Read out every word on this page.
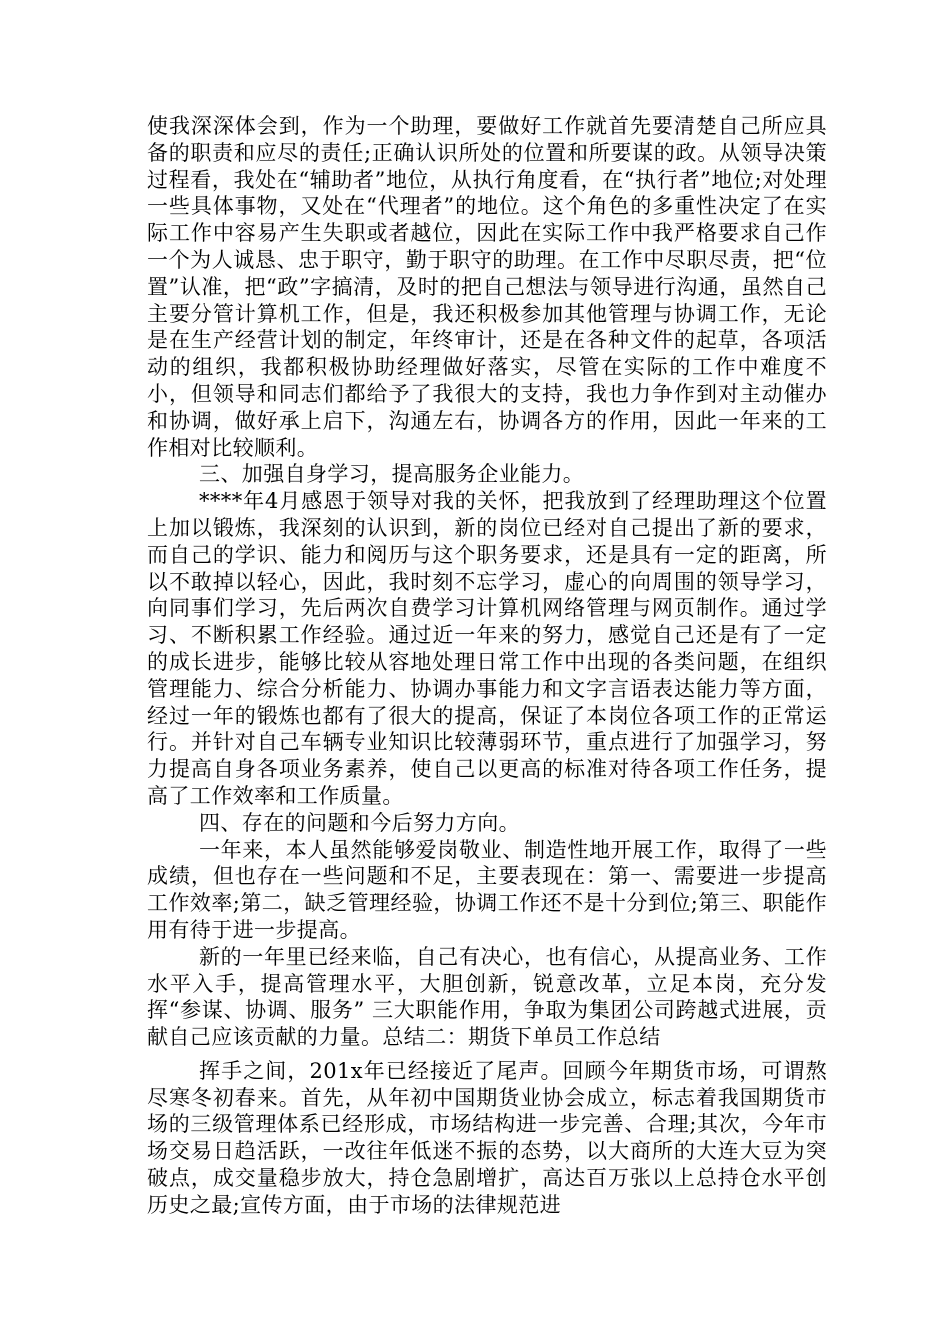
使我深深体会到，作为一个助理，要做好工作就首先要清楚自己所应具备的职责和应尽的责任;正确认识所处的位置和所要谋的政。从领导决策过程看，我处在“辅助者”地位，从执行角度看，在“执行者”地位;对处理一些具体事物，又处在“代理者”的地位。这个角色的多重性决定了在实际工作中容易产生失职或者越位，因此在实际工作中我严格要求自己作一个为人诚恳、忠于职守，勤于职守的助理。在工作中尽职尽责，把“位置”认准，把“政”字搞清，及时的把自己想法与领导进行沟通，虽然自己主要分管计算机工作，但是，我还积极参加其他管理与协调工作，无论是在生产经营计划的制定，年终审计，还是在各种文件的起草，各项活动的组织，我都积极协助经理做好落实，尽管在实际的工作中难度不小，但领导和同志们都给予了我很大的支持，我也力争作到对主动催办和协调，做好承上启下，沟通左右，协调各方的作用，因此一年来的工作相对比较顺利。

三、加强自身学习，提高服务企业能力。

****年4月感恩于领导对我的关怀，把我放到了经理助理这个位置上加以锻炼，我深刻的认识到，新的岗位已经对自己提出了新的要求，而自己的学识、能力和阅历与这个职务要求，还是具有一定的距离，所以不敢掉以轻心，因此，我时刻不忘学习，虚心的向周围的领导学习，向同事们学习，先后两次自费学习计算机网络管理与网页制作。通过学习、不断积累工作经验。通过近一年来的努力，感觉自己还是有了一定的成长进步，能够比较从容地处理日常工作中出现的各类问题，在组织管理能力、综合分析能力、协调办事能力和文字言语表达能力等方面，经过一年的锻炼也都有了很大的提高，保证了本岗位各项工作的正常运行。并针对自己车辆专业知识比较薄弱环节，重点进行了加强学习，努力提高自身各项业务素养，使自己以更高的标准对待各项工作任务，提高了工作效率和工作质量。

四、存在的问题和今后努力方向。

一年来，本人虽然能够爱岗敬业、制造性地开展工作，取得了一些成绩，但也存在一些问题和不足，主要表现在：第一、需要进一步提高工作效率;第二，缺乏管理经验，协调工作还不是十分到位;第三、职能作用有待于进一步提高。

新的一年里已经来临，自己有决心，也有信心，从提高业务、工作水平入手，提高管理水平，大胆创新，锐意改革，立足本岗，充分发挥“参谋、协调、服务” 三大职能作用，争取为集团公司跨越式进展，贡献自己应该贡献的力量。总结二：期货下单员工作总结

挥手之间，201x年已经接近了尾声。回顾今年期货市场，可谓熬尽寒冬初春来。首先，从年初中国期货业协会成立，标志着我国期货市场的三级管理体系已经形成，市场结构进一步完善、合理;其次，今年市场交易日趋活跃，一改往年低迷不振的态势，以大商所的大连大豆为突破点，成交量稳步放大，持仓急剧增扩，高达百万张以上总持仓水平创历史之最;宣传方面，由于市场的法律规范进
